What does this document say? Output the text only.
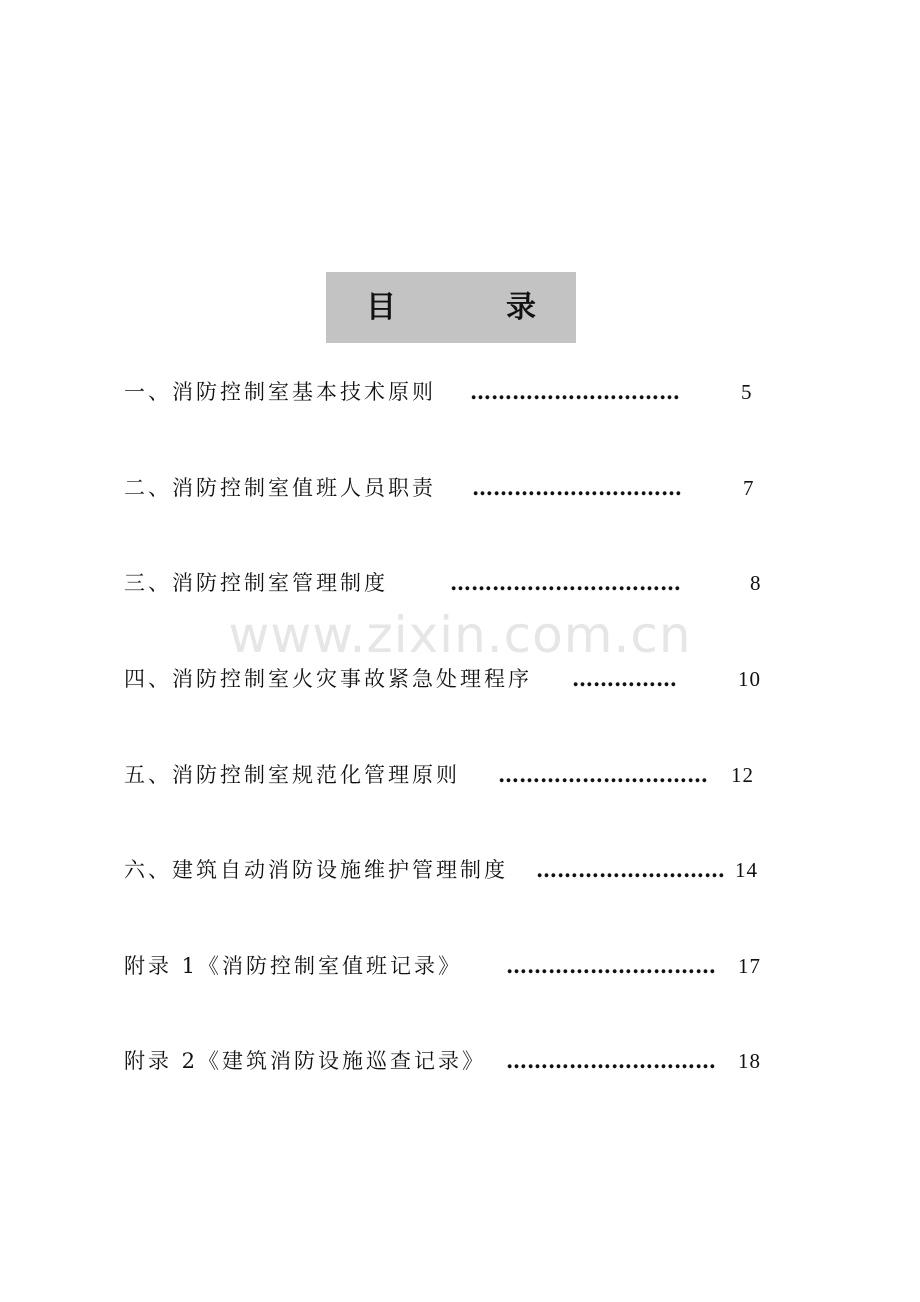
目　录
www.zixin.com.cn
一、消防控制室基本技术原则 …………………………	5
二、消防控制室值班人员职责 …………………………	7
三、消防控制室管理制度	……………………………	8
四、消防控制室火灾事故紧急处理程序 ……………	10
五、消防控制室规范化管理原则 ………………………… 12
六、建筑自动消防设施维护管理制度 ……………………… 14
附录 1《消防控制室值班记录》 ………………………… 17
附录 2《建筑消防设施巡查记录》 ………………………… 18
